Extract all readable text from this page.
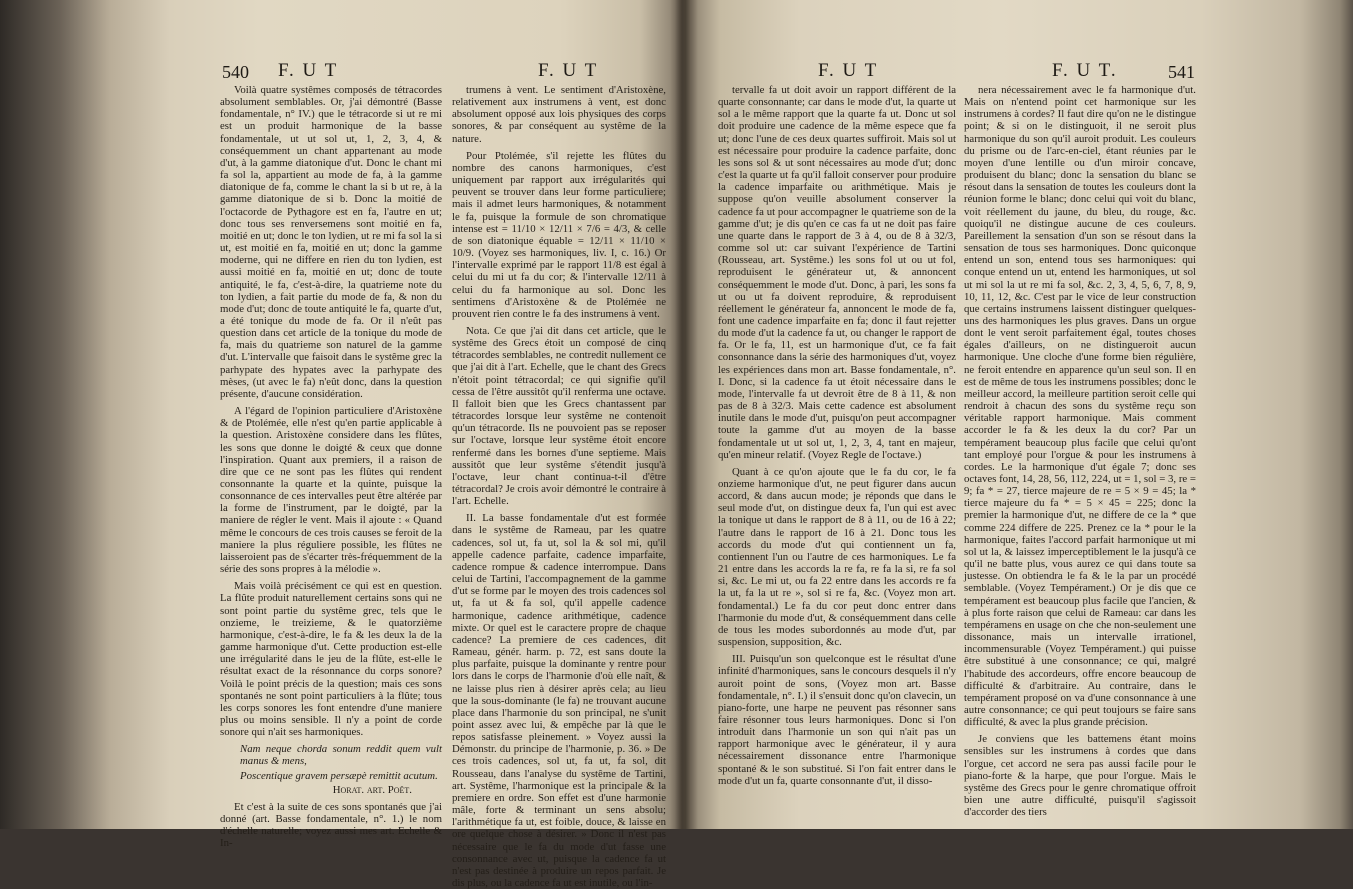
540 F. U T	F. U T

Voilà quatre systêmes composés de tétracordes absolument semblables. Or, j'ai démontré (Basse fondamentale, n° IV.) que le tétracorde si ut re mi est un produit harmonique de la basse fondamentale, ut ut sol ut, 1, 2, 3, 4, & conséquemment un chant appartenant au mode d'ut, à la gamme diatonique d'ut. Donc le chant mi fa sol la, appartient au mode de fa, à la gamme diatonique de fa, comme le chant la si b ut re, à la gamme diatonique de si b. Donc la moitié de l'octacorde de Pythagore est en fa, l'autre en ut; donc tous ses renversemens sont moitié en fa, moitié en ut; donc le ton lydien, ut re mi fa sol la si ut, est moitié en fa, moitié en ut; donc la gamme moderne, qui ne differe en rien du ton lydien, est aussi moitié en fa, moitié en ut; donc de toute antiquité, le fa, c'est-à-dire, la quatrieme note du ton lydien, a fait partie du mode de fa, & non du mode d'ut; donc de toute antiquité le fa, quarte d'ut, a été tonique du mode de fa. Or il n'eût pas question dans cet article de la tonique du mode de fa, mais du quatrieme son naturel de la gamme d'ut. L'intervalle que faisoit dans le systême grec la parhypate des hypates avec la parhypate des mèses, (ut avec le fa) n'eût donc, dans la question présente, d'aucune considération.

A l'égard de l'opinion particuliere d'Aristoxène & de Ptolémée, elle n'est qu'en partie applicable à la question. Aristoxène considere dans les flûtes, les sons que donne le doigté & ceux que donne l'inspiration. Quant aux premiers, il a raison de dire que ce ne sont pas les flûtes qui rendent consonnante la quarte et la quinte, puisque la consonnance de ces intervalles peut être altérée par la forme de l'instrument, par le doigté, par la maniere de régler le vent. Mais il ajoute : « Quand même le concours de ces trois causes se feroit de la maniere la plus réguliere possible, les flûtes ne laisseroient pas de s'écarter très-fréquemment de la série des sons propres à la mélodie ».

Mais voilà précisément ce qui est en question. La flûte produit naturellement certains sons qui ne sont point partie du systême grec, tels que le onzieme, le treizieme, & le quatorzième harmonique, c'est-à-dire, le fa & les deux la de la gamme harmonique d'ut. Cette production est-elle une irrégularité dans le jeu de la flûte, est-elle le résultat exact de la résonnance du corps sonore? Voilà le point précis de la question; mais ces sons spontanés ne sont point particuliers à la flûte; tous les corps sonores les font entendre d'une maniere plus ou moins sensible. Il n'y a point de corde sonore qui n'ait ses harmoniques.

Nam neque chorda sonum reddit quem vult manus & mens,

Poscentique gravem persæpè remittit acutum.

Horat. art. Poët.

Et c'est à la suite de ces sons spontanés que j'ai donné (art. Basse fondamentale, n°. 1.) le nom d'échelle naturelle; voyez aussi mes art. Echelle & In-

trumens à vent. Le sentiment d'Aristoxène, relativement aux instrumens à vent, est donc absolument opposé aux lois physiques des corps sonores, & par conséquent au systême de la nature.

Pour Ptolémée, s'il rejette les flûtes du nombre des canons harmoniques, c'est uniquement par rapport aux irrégularités qui peuvent se trouver dans leur forme particuliere; mais il admet leurs harmoniques, & notamment le fa, puisque la formule de son chromatique intense est = 11/10 × 12/11 × 7/6 = 4/3, & celle de son diatonique équable = 12/11 × 11/10 × 10/9. (Voyez ses harmoniques, liv. I, c. 16.) Or l'intervalle exprimé par le rapport 11/8 est égal à celui du mi ut fa du cor; & l'intervalle 12/11 à celui du fa harmonique au sol. Donc les sentimens d'Aristoxène & de Ptolémée ne prouvent rien contre le fa des instrumens à vent.

Nota. Ce que j'ai dit dans cet article, que le systême des Grecs étoit un composé de cinq tétracordes semblables, ne contredit nullement ce que j'ai dit à l'art. Echelle, que le chant des Grecs n'étoit point tétracordal; ce qui signifie qu'il cessa de l'être aussitôt qu'il renferma une octave. Il falloit bien que les Grecs chantassent par tétracordes lorsque leur systême ne contenoit qu'un tétracorde. Ils ne pouvoient pas se reposer sur l'octave, lorsque leur systême étoit encore renfermé dans les bornes d'une septieme. Mais aussitôt que leur systême s'étendit jusqu'à l'octave, leur chant continua-t-il d'être tétracordal? Je crois avoir démontré le contraire à l'art. Echelle.

II. La basse fondamentale d'ut est formée dans le systême de Rameau, par les quatre cadences, sol ut, fa ut, sol la & sol mi, qu'il appelle cadence parfaite, cadence imparfaite, cadence rompue & cadence interrompue. Dans celui de Tartini, l'accompagnement de la gamme d'ut se forme par le moyen des trois cadences sol ut, fa ut & fa sol, qu'il appelle cadence harmonique, cadence arithmétique, cadence mixte. Or quel est le caractere propre de chaque cadence? La premiere de ces cadences, dit Rameau, génér. harm. p. 72, est sans doute la plus parfaite, puisque la dominante y rentre pour lors dans le corps de l'harmonie d'où elle naît, & ne laisse plus rien à désirer après cela; au lieu que la sous-dominante (le fa) ne trouvant aucune place dans l'harmonie du son principal, ne s'unit point assez avec lui, & empêche par là que le repos satisfasse pleinement. » Voyez aussi la Démonstr. du principe de l'harmonie, p. 36. » De ces trois cadences, sol ut, fa ut, fa sol, dit Rousseau, dans l'analyse du systême de Tartini, art. Systême, l'harmonique est la principale & la premiere en ordre. Son effet est d'une harmonie mâle, forte & terminant un sens absolu; l'arithmétique fa ut, est foible, douce, & laisse en ore quelque chose à désirer. » Donc il n'est pas nécessaire que le fa du mode d'ut fasse une consonnance avec ut, puisque la cadence fa ut n'est pas destinée à produire un repos parfait. Je dis plus, ou la cadence fa ut est inutile, ou l'in-

F. U T	F. U T.	541

tervalle fa ut doit avoir un rapport différent de la quarte consonnante; car dans le mode d'ut, la quarte ut sol a le même rapport que la quarte fa ut. Donc ut sol doit produire une cadence de la même espece que fa ut; donc l'une de ces deux quartes suffiroit. Mais sol ut est nécessaire pour produire la cadence parfaite, donc les sons sol & ut sont nécessaires au mode d'ut; donc c'est la quarte ut fa qu'il falloit conserver pour produire la cadence imparfaite ou arithmétique. Mais je suppose qu'on veuille absolument conserver la cadence fa ut pour accompagner le quatrieme son de la gamme d'ut; je dis qu'en ce cas fa ut ne doit pas faire une quarte dans le rapport de 3 à 4, ou de 8 à 32/3, comme sol ut: car suivant l'expérience de Tartini (Rousseau, art. Systême.) les sons fol ut ou ut fol, reproduisent le générateur ut, & annoncent conséquemment le mode d'ut. Donc, à pari, les sons fa ut ou ut fa doivent reproduire, & reproduisent réellement le générateur fa, annoncent le mode de fa, font une cadence imparfaite en fa; donc il faut rejetter du mode d'ut la cadence fa ut, ou changer le rapport de fa. Or le fa, 11, est un harmonique d'ut, ce fa fait consonnance dans la série des harmoniques d'ut, voyez les expériences dans mon art. Basse fondamentale, n°. I. Donc, si la cadence fa ut étoit nécessaire dans le mode, l'intervalle fa ut devroit être de 8 à 11, & non pas de 8 à 32/3. Mais cette cadence est absolument inutile dans le mode d'ut, puisqu'on peut accompagner toute la gamme d'ut au moyen de la basse fondamentale ut ut sol ut, 1, 2, 3, 4, tant en majeur, qu'en mineur relatif. (Voyez Regle de l'octave.)

Quant à ce qu'on ajoute que le fa du cor, le fa onzieme harmonique d'ut, ne peut figurer dans aucun accord, & dans aucun mode; je réponds que dans le seul mode d'ut, on distingue deux fa, l'un qui est avec la tonique ut dans le rapport de 8 à 11, ou de 16 à 22; l'autre dans le rapport de 16 à 21. Donc tous les accords du mode d'ut qui contiennent un fa, contiennent l'un ou l'autre de ces harmoniques. Le fa 21 entre dans les accords la re fa, re fa la si, re fa sol si, &c. Le mi ut, ou fa 22 entre dans les accords re fa la ut, fa la ut re », sol si re fa, &c. (Voyez mon art. fondamental.) Le fa du cor peut donc entrer dans l'harmonie du mode d'ut, & conséquemment dans celle de tous les modes subordonnés au mode d'ut, par suspension, supposition, &c.

III. Puisqu'un son quelconque est le résultat d'une infinité d'harmoniques, sans le concours desquels il n'y auroit point de sons, (Voyez mon art. Basse fondamentale, n°. I.) il s'ensuit donc qu'on clavecin, un piano-forte, une harpe ne peuvent pas résonner sans faire résonner tous leurs harmoniques. Donc si l'on introduit dans l'harmonie un son qui n'ait pas un rapport harmonique avec le générateur, il y aura nécessairement dissonance entre l'harmonique spontané & le son substitué. Si l'on fait entrer dans le mode d'ut un fa, quarte consonnante d'ut, il disso-

nera nécessairement avec le fa harmonique d'ut. Mais on n'entend point cet harmonique sur les instrumens à cordes? Il faut dire qu'on ne le distingue point; & si on le distinguoit, il ne seroit plus harmonique du son qu'il auroit produit. Les couleurs du prisme ou de l'arc-en-ciel, étant réunies par le moyen d'une lentille ou d'un miroir concave, produisent du blanc; donc la sensation du blanc se résout dans la sensation de toutes les couleurs dont la réunion forme le blanc; donc celui qui voit du blanc, voit réellement du jaune, du bleu, du rouge, &c. quoiqu'il ne distingue aucune de ces couleurs. Pareillement la sensation d'un son se résout dans la sensation de tous ses harmoniques. Donc quiconque entend un son, entend tous ses harmoniques: qui conque entend un ut, entend les harmoniques, ut sol ut mi sol la ut re mi fa sol, &c. 2, 3, 4, 5, 6, 7, 8, 9, 10, 11, 12, &c. C'est par le vice de leur construction que certains instrumens laissent distinguer quelques-uns des harmoniques les plus graves. Dans un orgue dont le vent seroit parfaitement égal, toutes choses égales d'ailleurs, on ne distingueroit aucun harmonique. Une cloche d'une forme bien régulière, ne feroit entendre en apparence qu'un seul son. Il en est de même de tous les instrumens possibles; donc le meilleur accord, la meilleure partition seroit celle qui rendroit à chacun des sons du systême reçu son véritable rapport harmonique. Mais comment accorder le fa & les deux la du cor? Par un tempérament beaucoup plus facile que celui qu'ont tant employé pour l'orgue & pour les instrumens à cordes. Le la harmonique d'ut égale 7; donc ses octaves font, 14, 28, 56, 112, 224, ut = 1, sol = 3, re = 9; fa * = 27, tierce majeure de re = 5 × 9 = 45; la * tierce majeure du fa * = 5 × 45 = 225; donc la premier la harmonique d'ut, ne differe de ce la * que comme 224 differe de 225. Prenez ce la * pour le la harmonique, faites l'accord parfait harmonique ut mi sol ut la, & laissez imperceptiblement le la jusqu'à ce qu'il ne batte plus, vous aurez ce qui dans toute sa justesse. On obtiendra le fa & le la par un procédé semblable. (Voyez Tempérament.) Or je dis que ce tempérament est beaucoup plus facile que l'ancien, & à plus forte raison que celui de Rameau: car dans les tempéramens en usage on che che non-seulement une dissonance, mais un intervalle irrationel, incommensurable (Voyez Tempérament.) qui puisse être substitué à une consonnance; ce qui, malgré l'habitude des accordeurs, offre encore beaucoup de difficulté & d'arbitraire. Au contraire, dans le tempérament proposé on va d'une consonnance à une autre consonnance; ce qui peut toujours se faire sans difficulté, & avec la plus grande précision.

Je conviens que les battemens étant moins sensibles sur les instrumens à cordes que dans l'orgue, cet accord ne sera pas aussi facile pour le piano-forte & la harpe, que pour l'orgue. Mais le systême des Grecs pour le genre chromatique offroit bien une autre difficulté, puisqu'il s'agissoit d'accorder des tiers
